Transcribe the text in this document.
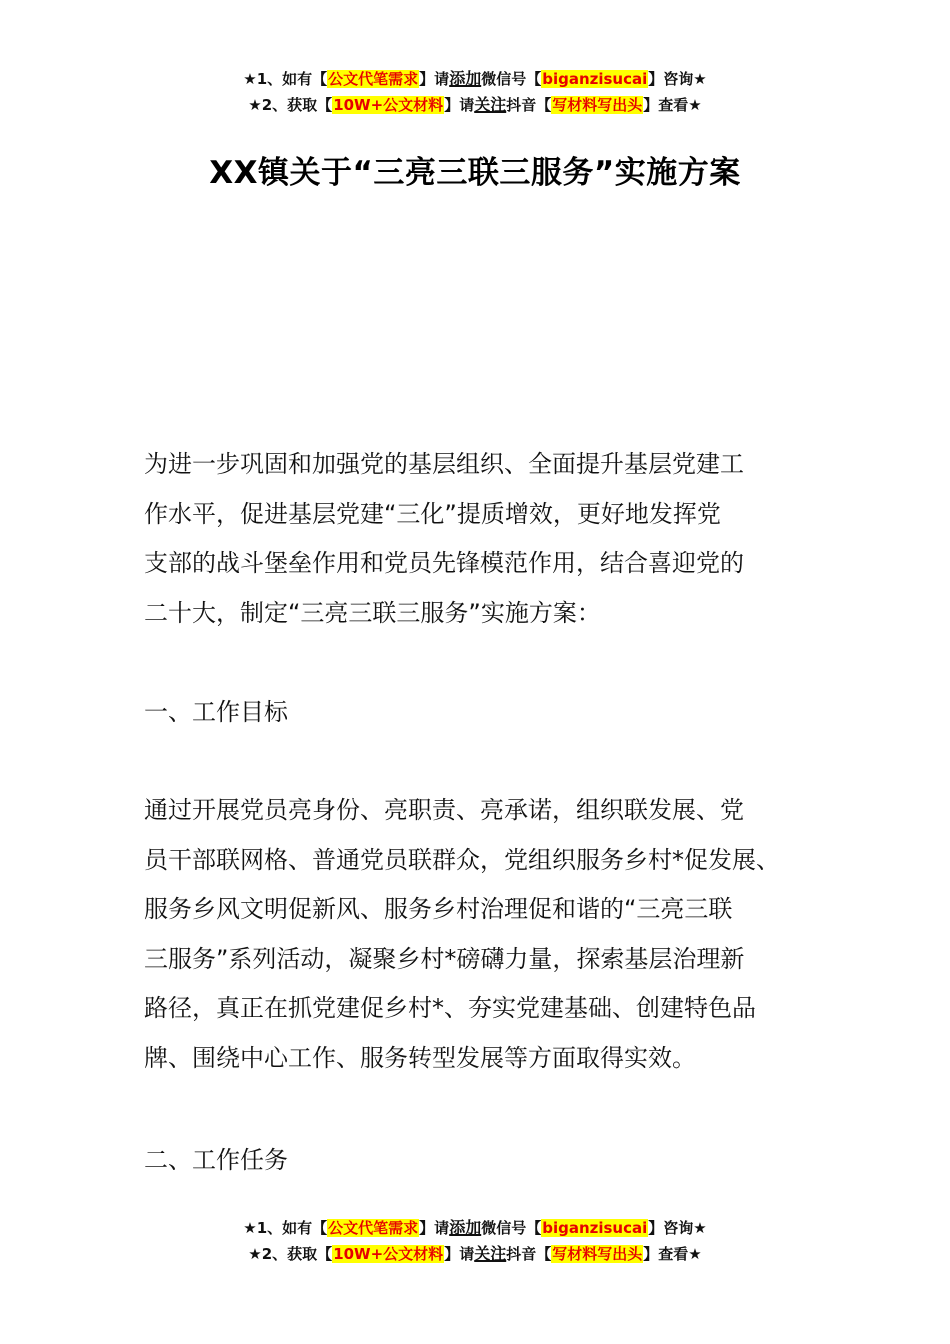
★1、如有【公文代笔需求】请添加微信号【biganzisucai】咨询★
★2、获取【10W+公文材料】请关注抖音【写材料写出头】查看★
XX镇关于“三亮三联三服务”实施方案
为进一步巩固和加强党的基层组织、全面提升基层党建工
作水平，促进基层党建“三化”提质增效，更好地发挥党
支部的战斗堡垒作用和党员先锋模范作用，结合喜迎党的
二十大，制定“三亮三联三服务”实施方案：
一、工作目标
通过开展党员亮身份、亮职责、亮承诺，组织联发展、党
员干部联网格、普通党员联群众，党组织服务乡村*促发展、
服务乡风文明促新风、服务乡村治理促和谐的“三亮三联
三服务”系列活动，凝聚乡村*磅礴力量，探索基层治理新
路径，真正在抓党建促乡村*、夯实党建基础、创建特色品
牌、围绕中心工作、服务转型发展等方面取得实效。
二、工作任务
★1、如有【公文代笔需求】请添加微信号【biganzisucai】咨询★
★2、获取【10W+公文材料】请关注抖音【写材料写出头】查看★
